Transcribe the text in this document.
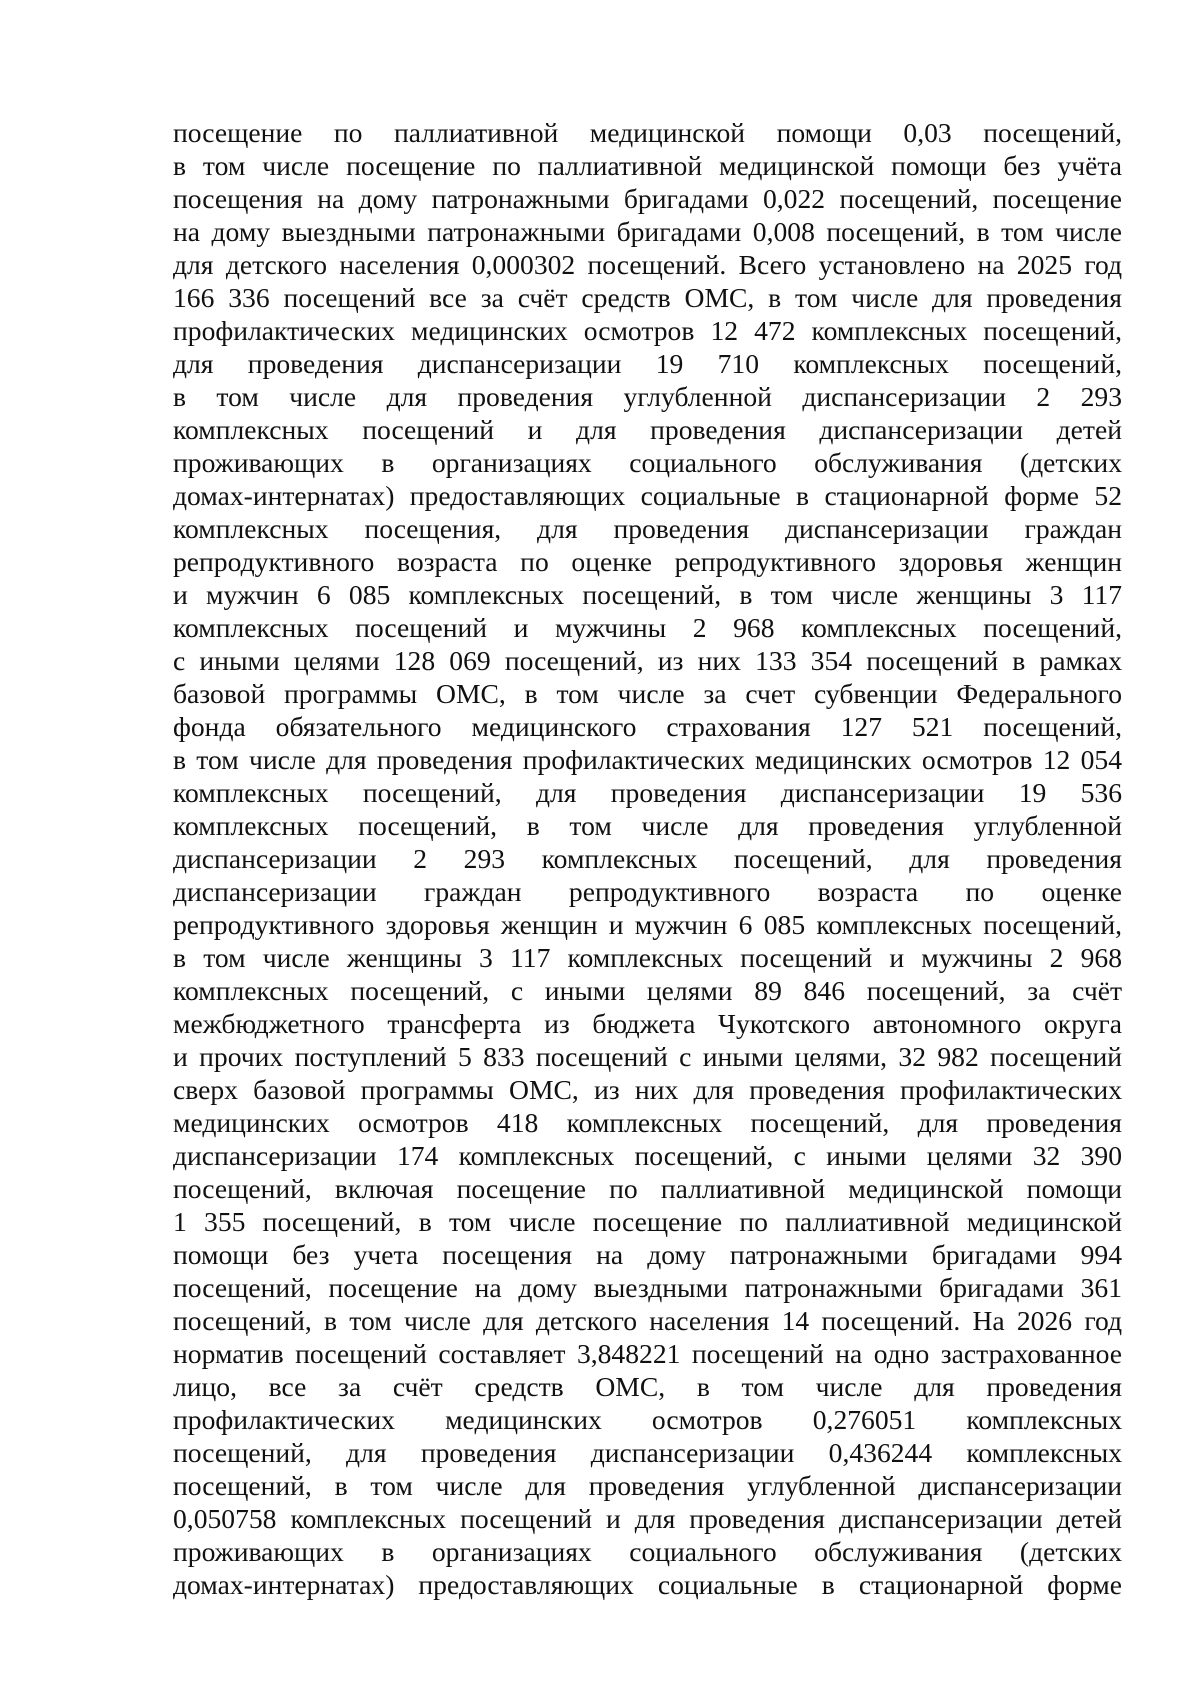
посещение по паллиативной медицинской помощи 0,03 посещений,
в том числе посещение по паллиативной медицинской помощи без учёта
посещения на дому патронажными бригадами 0,022 посещений, посещение
на дому выездными патронажными бригадами 0,008 посещений, в том числе
для детского населения 0,000302 посещений. Всего установлено на 2025 год
166 336 посещений все за счёт средств ОМС, в том числе для проведения
профилактических медицинских осмотров 12 472 комплексных посещений,
для проведения диспансеризации 19 710 комплексных посещений,
в том числе для проведения углубленной диспансеризации 2 293
комплексных посещений и для проведения диспансеризации детей
проживающих в организациях социального обслуживания (детских
домах-интернатах) предоставляющих социальные в стационарной форме 52
комплексных посещения, для проведения диспансеризации граждан
репродуктивного возраста по оценке репродуктивного здоровья женщин
и мужчин 6 085 комплексных посещений, в том числе женщины 3 117
комплексных посещений и мужчины 2 968 комплексных посещений,
с иными целями 128 069 посещений, из них 133 354 посещений в рамках
базовой программы ОМС, в том числе за счет субвенции Федерального
фонда обязательного медицинского страхования 127 521 посещений,
в том числе для проведения профилактических медицинских осмотров 12 054
комплексных посещений, для проведения диспансеризации 19 536
комплексных посещений, в том числе для проведения углубленной
диспансеризации 2 293 комплексных посещений, для проведения
диспансеризации граждан репродуктивного возраста по оценке
репродуктивного здоровья женщин и мужчин 6 085 комплексных посещений,
в том числе женщины 3 117 комплексных посещений и мужчины 2 968
комплексных посещений, с иными целями 89 846 посещений, за счёт
межбюджетного трансферта из бюджета Чукотского автономного округа
и прочих поступлений 5 833 посещений с иными целями, 32 982 посещений
сверх базовой программы ОМС, из них для проведения профилактических
медицинских осмотров 418 комплексных посещений, для проведения
диспансеризации 174 комплексных посещений, с иными целями 32 390
посещений, включая посещение по паллиативной медицинской помощи
1 355 посещений, в том числе посещение по паллиативной медицинской
помощи без учета посещения на дому патронажными бригадами 994
посещений, посещение на дому выездными патронажными бригадами 361
посещений, в том числе для детского населения 14 посещений. На 2026 год
норматив посещений составляет 3,848221 посещений на одно застрахованное
лицо, все за счёт средств ОМС, в том числе для проведения
профилактических медицинских осмотров 0,276051 комплексных
посещений, для проведения диспансеризации 0,436244 комплексных
посещений, в том числе для проведения углубленной диспансеризации
0,050758 комплексных посещений и для проведения диспансеризации детей
проживающих в организациях социального обслуживания (детских
домах-интернатах) предоставляющих социальные в стационарной форме
